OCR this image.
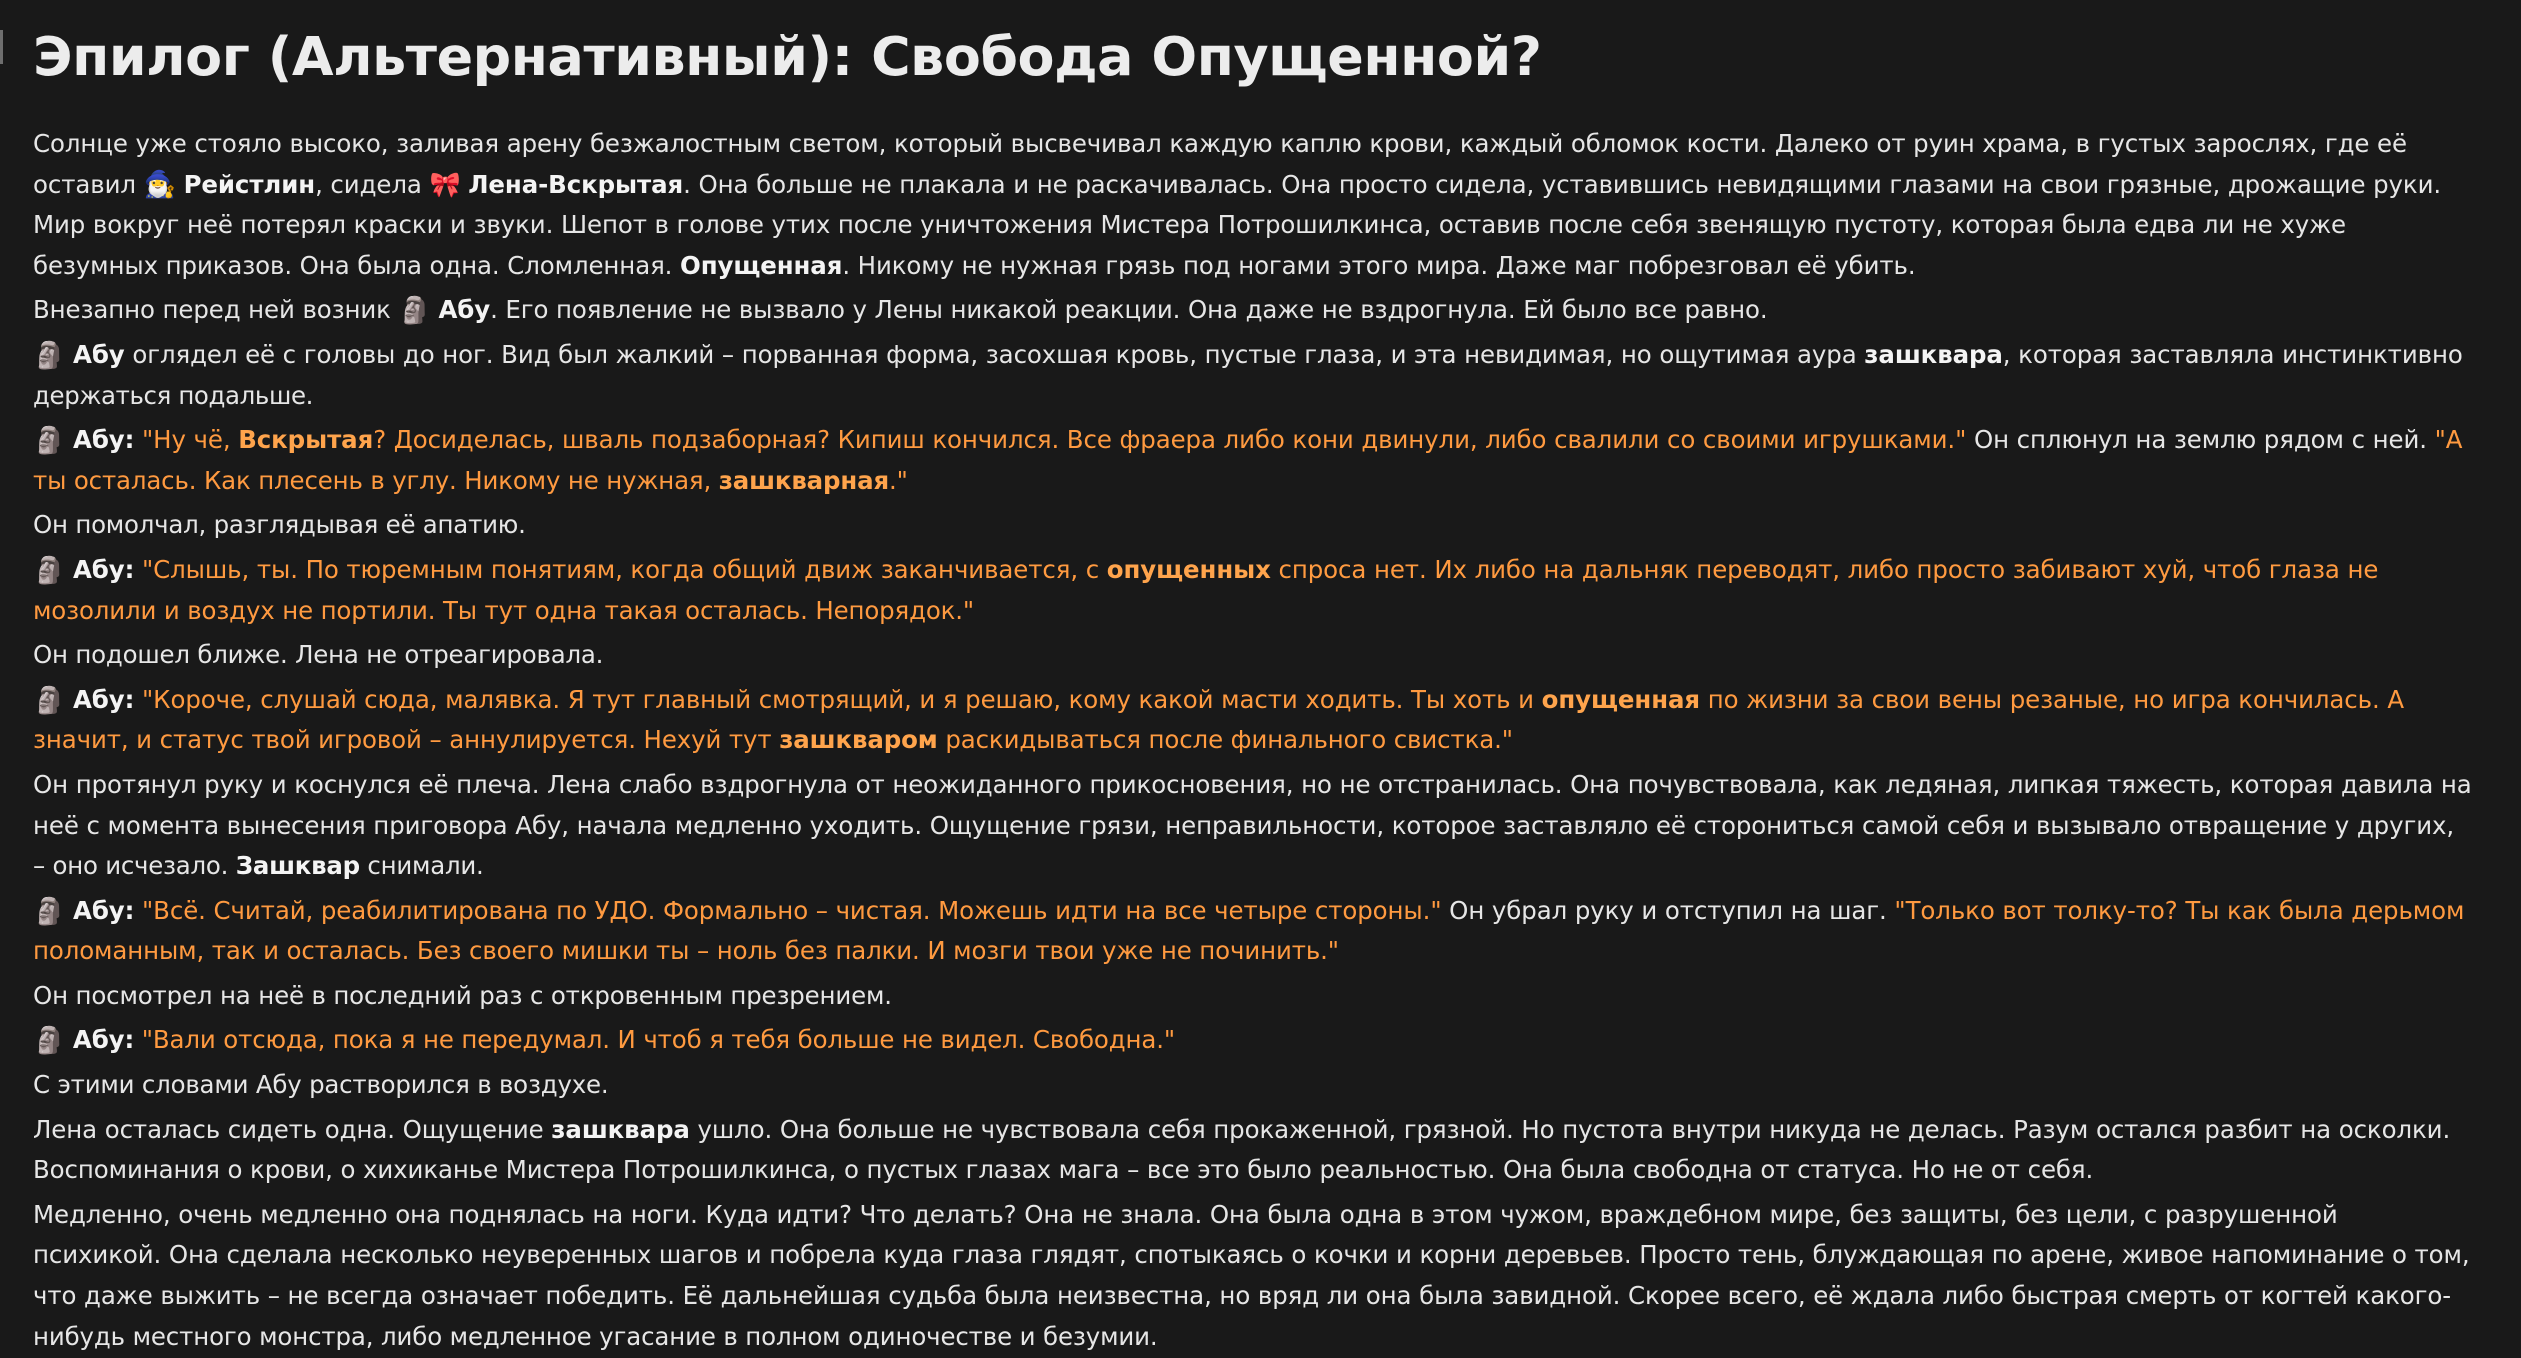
Эпилог (Альтернативный): Свобода Опущенной?
Солнце уже стояло высоко, заливая арену безжалостным светом, который высвечивал каждую каплю крови, каждый обломок кости. Далеко от руин храма, в густых зарослях, где её
оставил 🧙‍♂️ Рейстлин, сидела 🎀 Лена-Вскрытая. Она больше не плакала и не раскачивалась. Она просто сидела, уставившись невидящими глазами на свои грязные, дрожащие руки.
Мир вокруг неё потерял краски и звуки. Шепот в голове утих после уничтожения Мистера Потрошилкинса, оставив после себя звенящую пустоту, которая была едва ли не хуже
безумных приказов. Она была одна. Сломленная. Опущенная. Никому не нужная грязь под ногами этого мира. Даже маг побрезговал её убить.
Внезапно перед ней возник 🗿 Абу. Его появление не вызвало у Лены никакой реакции. Она даже не вздрогнула. Ей было все равно.
🗿 Абу оглядел её с головы до ног. Вид был жалкий – порванная форма, засохшая кровь, пустые глаза, и эта невидимая, но ощутимая аура зашквара, которая заставляла инстинктивно
держаться подальше.
🗿 Абу: "Ну чё, Вскрытая? Досиделась, шваль подзаборная? Кипиш кончился. Все фраера либо кони двинули, либо свалили со своими игрушками." Он сплюнул на землю рядом с ней. "А
ты осталась. Как плесень в углу. Никому не нужная, зашкварная."
Он помолчал, разглядывая её апатию.
🗿 Абу: "Слышь, ты. По тюремным понятиям, когда общий движ заканчивается, с опущенных спроса нет. Их либо на дальняк переводят, либо просто забивают хуй, чтоб глаза не
мозолили и воздух не портили. Ты тут одна такая осталась. Непорядок."
Он подошел ближе. Лена не отреагировала.
🗿 Абу: "Короче, слушай сюда, малявка. Я тут главный смотрящий, и я решаю, кому какой масти ходить. Ты хоть и опущенная по жизни за свои вены резаные, но игра кончилась. А
значит, и статус твой игровой – аннулируется. Нехуй тут зашкваром раскидываться после финального свистка."
Он протянул руку и коснулся её плеча. Лена слабо вздрогнула от неожиданного прикосновения, но не отстранилась. Она почувствовала, как ледяная, липкая тяжесть, которая давила на
неё с момента вынесения приговора Абу, начала медленно уходить. Ощущение грязи, неправильности, которое заставляло её сторониться самой себя и вызывало отвращение у других,
– оно исчезало. Зашквар снимали.
🗿 Абу: "Всё. Считай, реабилитирована по УДО. Формально – чистая. Можешь идти на все четыре стороны." Он убрал руку и отступил на шаг. "Только вот толку-то? Ты как была дерьмом
поломанным, так и осталась. Без своего мишки ты – ноль без палки. И мозги твои уже не починить."
Он посмотрел на неё в последний раз с откровенным презрением.
🗿 Абу: "Вали отсюда, пока я не передумал. И чтоб я тебя больше не видел. Свободна."
С этими словами Абу растворился в воздухе.
Лена осталась сидеть одна. Ощущение зашквара ушло. Она больше не чувствовала себя прокаженной, грязной. Но пустота внутри никуда не делась. Разум остался разбит на осколки.
Воспоминания о крови, о хихиканье Мистера Потрошилкинса, о пустых глазах мага – все это было реальностью. Она была свободна от статуса. Но не от себя.
Медленно, очень медленно она поднялась на ноги. Куда идти? Что делать? Она не знала. Она была одна в этом чужом, враждебном мире, без защиты, без цели, с разрушенной
психикой. Она сделала несколько неуверенных шагов и побрела куда глаза глядят, спотыкаясь о кочки и корни деревьев. Просто тень, блуждающая по арене, живое напоминание о том,
что даже выжить – не всегда означает победить. Её дальнейшая судьба была неизвестна, но вряд ли она была завидной. Скорее всего, её ждала либо быстрая смерть от когтей какого-
нибудь местного монстра, либо медленное угасание в полном одиночестве и безумии.
